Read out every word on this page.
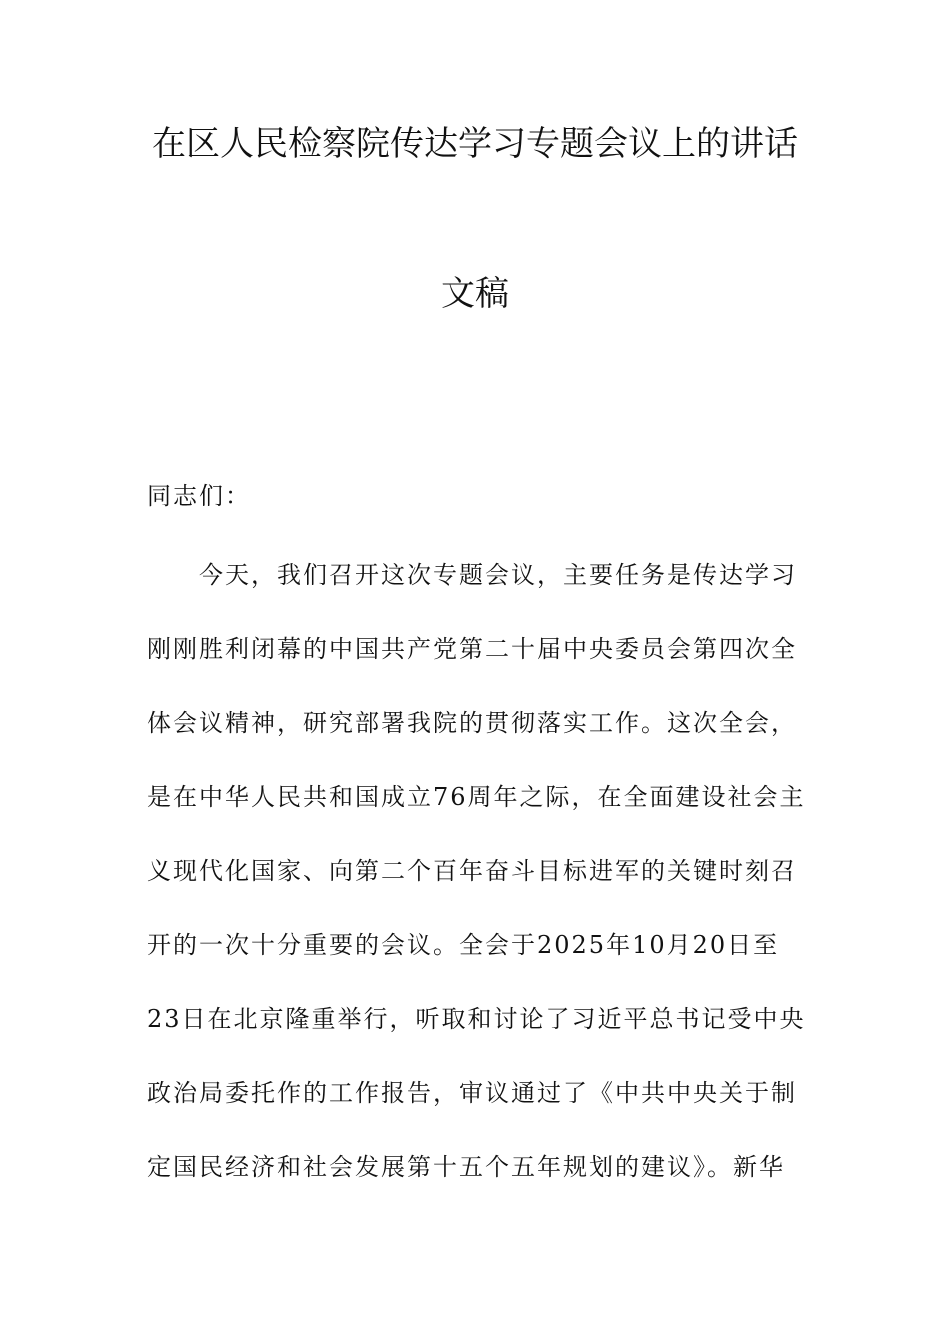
在区人民检察院传达学习专题会议上的讲话
文稿
同志们：
　　今天，我们召开这次专题会议，主要任务是传达学习
刚刚胜利闭幕的中国共产党第二十届中央委员会第四次全
体会议精神，研究部署我院的贯彻落实工作。这次全会，
是在中华人民共和国成立76周年之际，在全面建设社会主
义现代化国家、向第二个百年奋斗目标进军的关键时刻召
开的一次十分重要的会议。全会于2025年10月20日至
23日在北京隆重举行，听取和讨论了习近平总书记受中央
政治局委托作的工作报告，审议通过了《中共中央关于制
定国民经济和社会发展第十五个五年规划的建议》。新华
